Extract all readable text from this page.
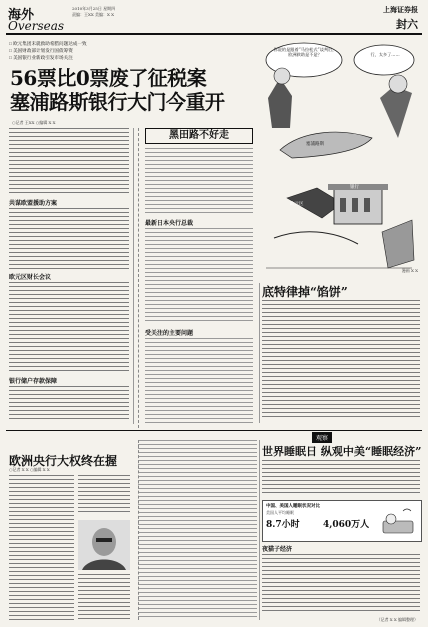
海外
Overseas
2010年3月25日 星期四
责编：王XX 美编：X X
上海证券报
封六
□ 欧元集团未就救助希腊问题达成一致
□ 美国财政部计划发行国债筹资
□ 美国银行业新政引发市场关注
56票比0票废了征税案
塞浦路斯银行大门今重开
○记者 王XX ○编辑 X X
你说的是跟着“马拉松式”谈判后，欧洲救助是不是？	行，太多了……
塞浦路斯
欧元区
银行
漫画 X X
共谋欧盟援助方案
欧元区财长会议
银行储户存款保障
黑田路不好走
最新日本央行总裁
受关注的主要问题
底特律掉“馅饼”
欧洲央行大权终在握
○记者 X X ○编辑 X X
观察
世界睡眠日 纵观中美“睡眠经济”
中国、美国人睡眠状况对比
美国人平均睡眠
8.7小时	4,060万人
夜猫子经济
（记者 X X 编辑整理）
